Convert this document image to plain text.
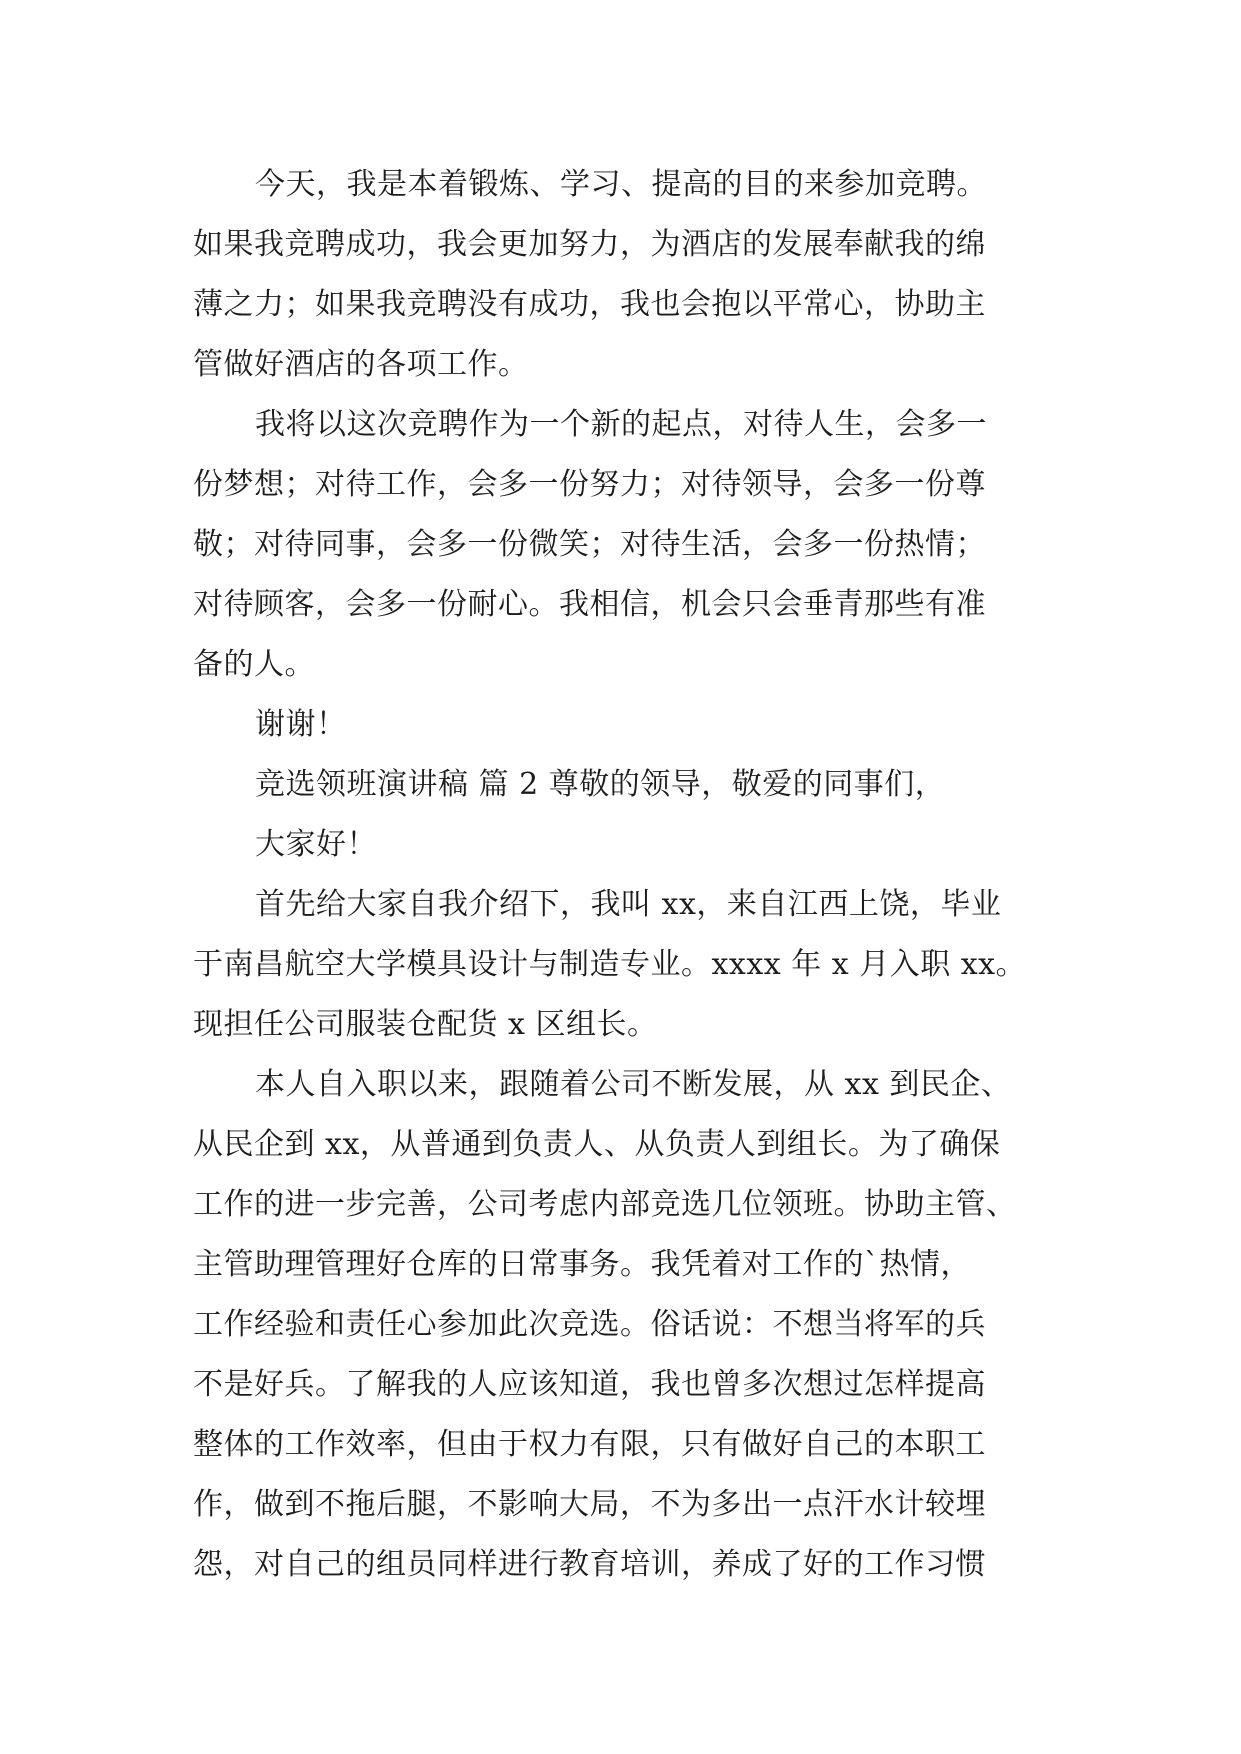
今天，我是本着锻炼、学习、提高的目的来参加竞聘。
如果我竞聘成功，我会更加努力，为酒店的发展奉献我的绵
薄之力；如果我竞聘没有成功，我也会抱以平常心，协助主
管做好酒店的各项工作。
我将以这次竞聘作为一个新的起点，对待人生，会多一
份梦想；对待工作，会多一份努力；对待领导，会多一份尊
敬；对待同事，会多一份微笑；对待生活，会多一份热情；
对待顾客，会多一份耐心。我相信，机会只会垂青那些有准
备的人。
谢谢！
竞选领班演讲稿 篇 2 尊敬的领导，敬爱的同事们，
大家好！
首先给大家自我介绍下，我叫 xx，来自江西上饶，毕业
于南昌航空大学模具设计与制造专业。xxxx 年 x 月入职 xx。
现担任公司服装仓配货 x 区组长。
本人自入职以来，跟随着公司不断发展，从 xx 到民企、
从民企到 xx，从普通到负责人、从负责人到组长。为了确保
工作的进一步完善，公司考虑内部竞选几位领班。协助主管、
主管助理管理好仓库的日常事务。我凭着对工作的`热情，
工作经验和责任心参加此次竞选。俗话说：不想当将军的兵
不是好兵。了解我的人应该知道，我也曾多次想过怎样提高
整体的工作效率，但由于权力有限，只有做好自己的本职工
作，做到不拖后腿，不影响大局，不为多出一点汗水计较埋
怨，对自己的组员同样进行教育培训，养成了好的工作习惯
